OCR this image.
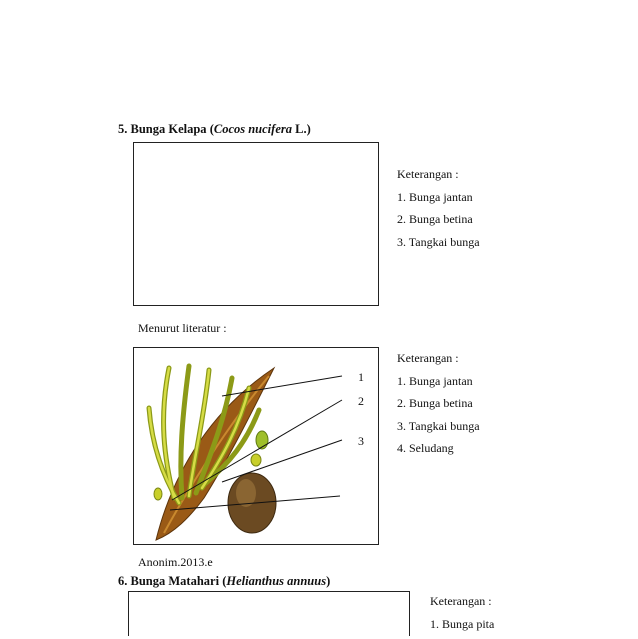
5. Bunga Kelapa (Cocos nucifera L.)
Keterangan :
1. Bunga jantan
2. Bunga betina
3. Tangkai bunga
Menurut literatur :
1
2
3
Keterangan :
1. Bunga jantan
2. Bunga betina
3. Tangkai bunga
4. Seludang
Anonim.2013.e
6. Bunga Matahari (Helianthus annuus)
Keterangan :
1. Bunga pita
